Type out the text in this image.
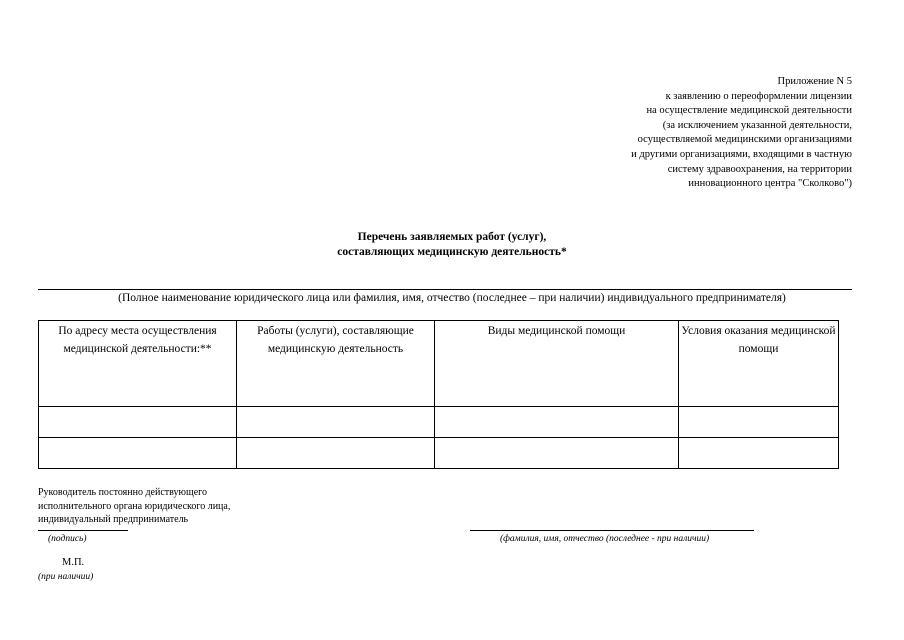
Приложение N 5
к заявлению о переоформлении лицензии
на осуществление медицинской деятельности
(за исключением указанной деятельности,
осуществляемой медицинскими организациями
и другими организациями, входящими в частную
систему здравоохранения, на территории
инновационного центра "Сколково")
Перечень заявляемых работ (услуг),
составляющих медицинскую деятельность*
(Полное наименование юридического лица или фамилия, имя, отчество (последнее – при наличии) индивидуального предпринимателя)
По адресу места осуществления медицинской деятельности:**	Работы (услуги), составляющие медицинскую деятельность	Виды медицинской помощи	Условия оказания медицинской помощи

Руководитель постоянно действующего
исполнительного органа юридического лица,
индивидуальный предприниматель
(подпись)	(фамилия, имя, отчество (последнее - при наличии)
М.П.
(при наличии)
